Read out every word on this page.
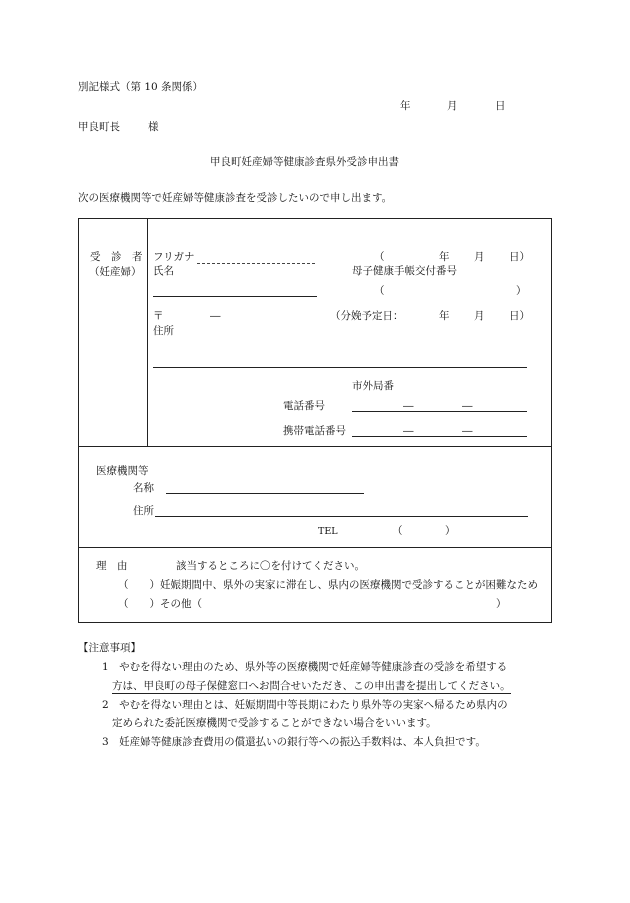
別記様式（第 10 条関係）
年	月	日
甲良町長	様
甲良町妊産婦等健康診査県外受診申出書
次の医療機関等で妊産婦等健康診査を受診したいので申し出ます。
受　診　者
（妊産婦）
フリガナ	（	年 月 日）
氏名	母子健康手帳交付番号
（	）
〒	―	（分娩予定日：	年 月 日）
住所
市外局番
電話番号	―	―
携帯電話番号	―	―
医療機関等
名称
住所
TEL	（	）
理　由	該当するところに〇を付けてください。
（　　） 妊娠期間中、県外の実家に滞在し、県内の医療機関で受診することが困難なため
（　　） その他（	）
【注意事項】
1　やむを得ない理由のため、県外等の医療機関で妊産婦等健康診査の受診を希望する
方は、甲良町の母子保健窓口へお問合せいただき、この申出書を提出してください。
2　やむを得ない理由とは、妊娠期間中等長期にわたり県外等の実家へ帰るため県内の
定められた委託医療機関で受診することができない場合をいいます。
3　妊産婦等健康診査費用の償還払いの銀行等への振込手数料は、本人負担です。
